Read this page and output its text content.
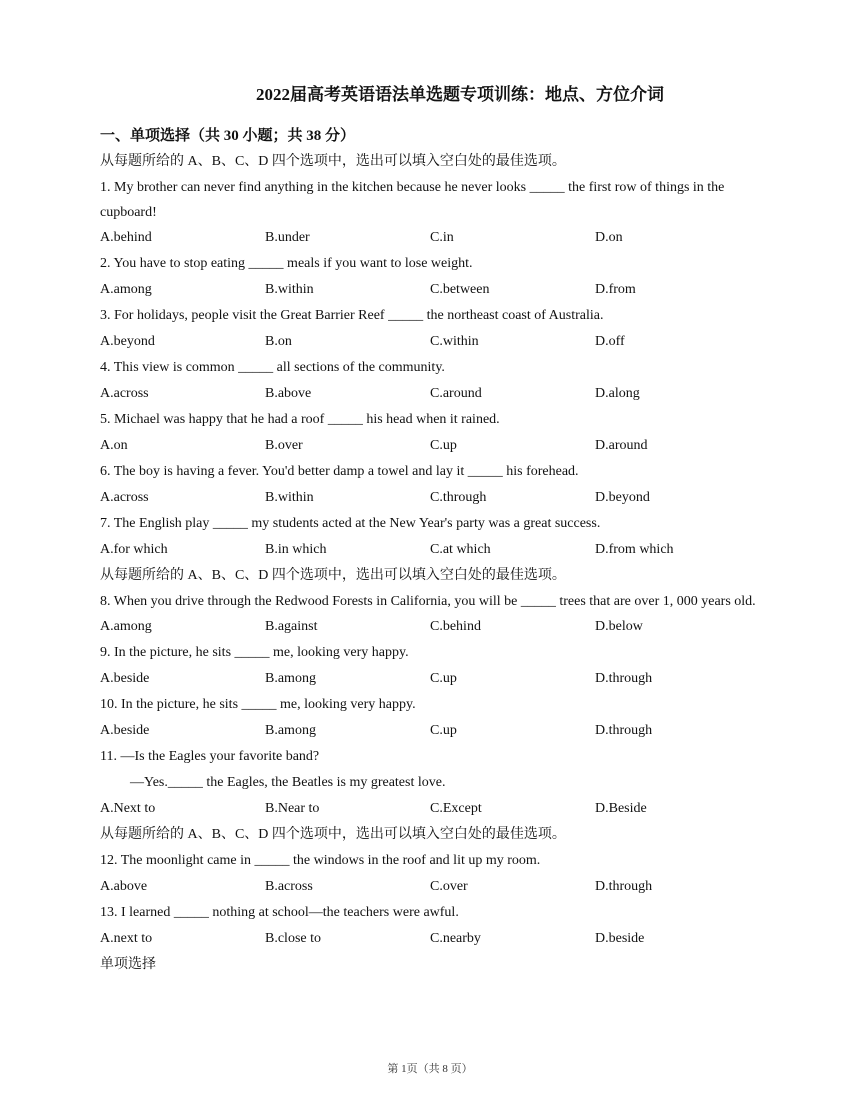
2022届高考英语语法单选题专项训练：地点、方位介词
一、单项选择（共 30 小题；共 38 分）
从每题所给的 A、B、C、D 四个选项中，选出可以填入空白处的最佳选项。
1. My brother can never find anything in the kitchen because he never looks _____ the first row of things in the cupboard!
A.behind	B.under	C.in	D.on
2. You have to stop eating _____ meals if you want to lose weight.
A.among	B.within	C.between	D.from
3. For holidays, people visit the Great Barrier Reef _____ the northeast coast of Australia.
A.beyond	B.on	C.within	D.off
4. This view is common _____ all sections of the community.
A.across	B.above	C.around	D.along
5. Michael was happy that he had a roof _____ his head when it rained.
A.on	B.over	C.up	D.around
6. The boy is having a fever. You'd better damp a towel and lay it _____ his forehead.
A.across	B.within	C.through	D.beyond
7. The English play _____ my students acted at the New Year's party was a great success.
A.for which	B.in which	C.at which	D.from which
从每题所给的 A、B、C、D 四个选项中，选出可以填入空白处的最佳选项。
8. When you drive through the Redwood Forests in California, you will be _____ trees that are over 1, 000 years old.
A.among	B.against	C.behind	D.below
9. In the picture, he sits _____ me, looking very happy.
A.beside	B.among	C.up	D.through
10. In the picture, he sits _____ me, looking very happy.
A.beside	B.among	C.up	D.through
11. —Is the Eagles your favorite band?
—Yes._____ the Eagles, the Beatles is my greatest love.
A.Next to	B.Near to	C.Except	D.Beside
从每题所给的 A、B、C、D 四个选项中，选出可以填入空白处的最佳选项。
12. The moonlight came in _____ the windows in the roof and lit up my room.
A.above	B.across	C.over	D.through
13. I learned _____ nothing at school—the teachers were awful.
A.next to	B.close to	C.nearby	D.beside
单项选择
第 1页（共 8 页）
